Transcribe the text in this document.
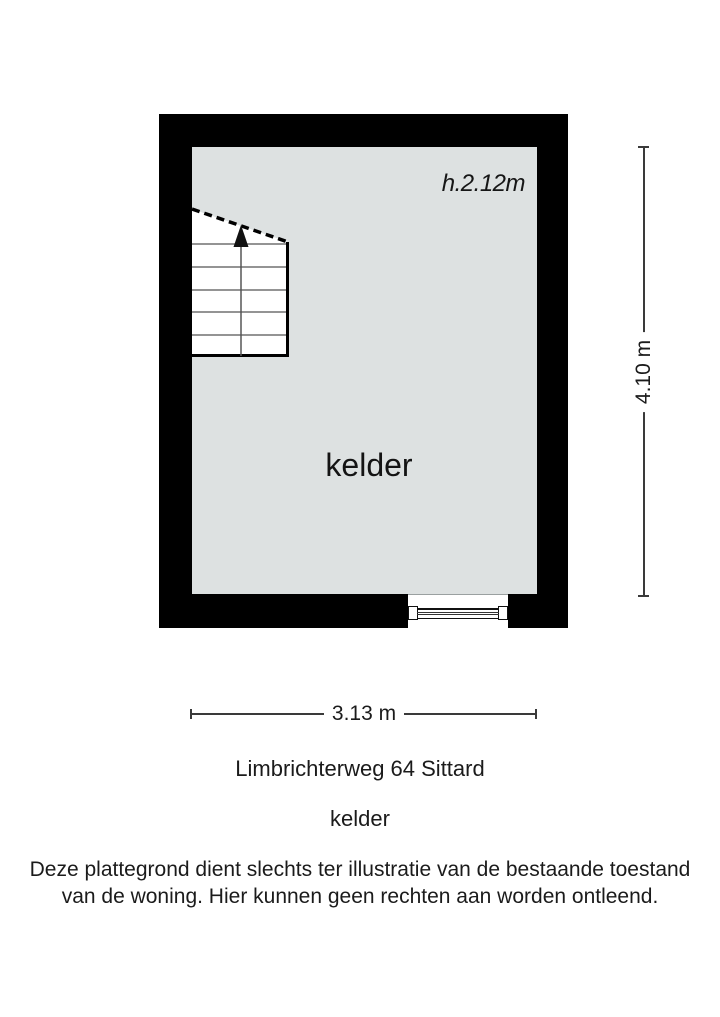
h.2.12m
kelder
3.13 m
4.10 m
Limbrichterweg 64 Sittard
kelder
Deze plattegrond dient slechts ter illustratie van de bestaande toestand
van de woning. Hier kunnen geen rechten aan worden ontleend.
